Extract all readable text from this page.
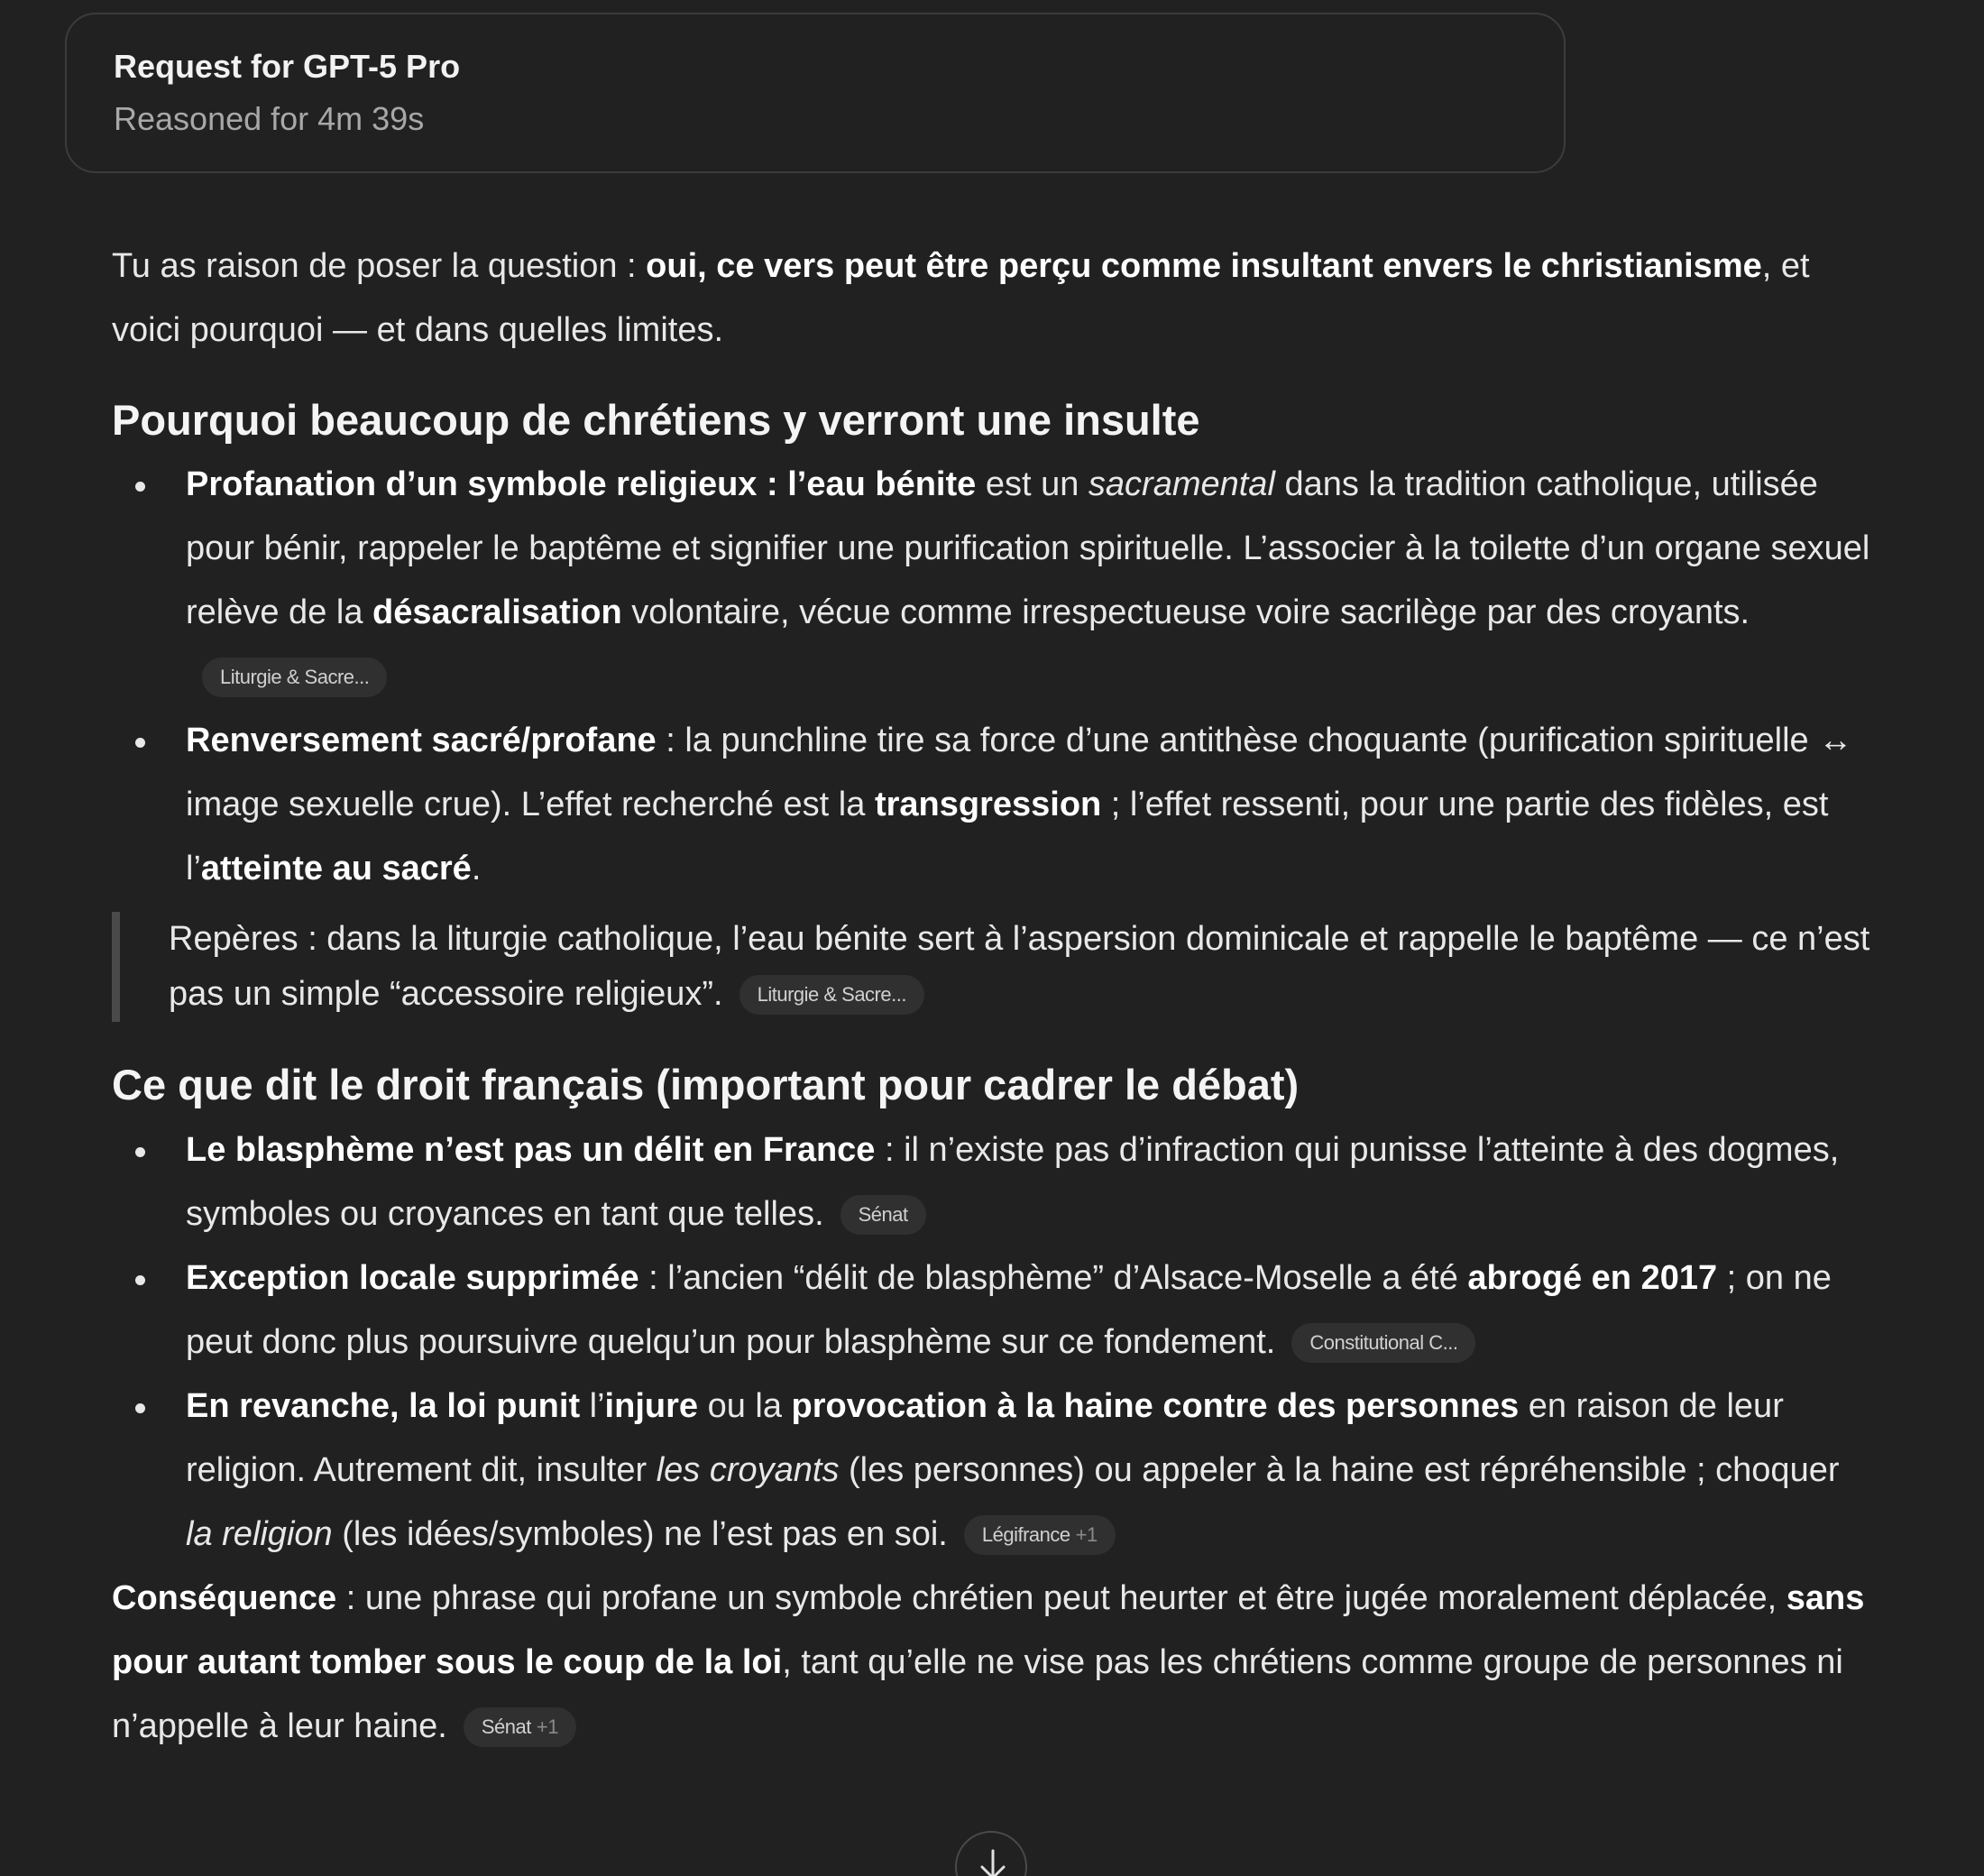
Request for GPT-5 Pro
Reasoned for 4m 39s

Tu as raison de poser la question : oui, ce vers peut être perçu comme insultant envers le christianisme, et voici pourquoi — et dans quelles limites.

Pourquoi beaucoup de chrétiens y verront une insulte
Profanation d’un symbole religieux : l’eau bénite est un sacramental dans la tradition catholique, utilisée pour bénir, rappeler le baptême et signifier une purification spirituelle. L’associer à la toilette d’un organe sexuel relève de la désacralisation volontaire, vécue comme irrespectueuse voire sacrilège par des croyants.Liturgie & Sacre...
Renversement sacré/profane : la punchline tire sa force d’une antithèse choquante (purification spirituelle ↔ image sexuelle crue). L’effet recherché est la transgression ; l’effet ressenti, pour une partie des fidèles, est l’atteinte au sacré.
Repères : dans la liturgie catholique, l’eau bénite sert à l’aspersion dominicale et rappelle le baptême — ce n’est pas un simple “accessoire religieux”. Liturgie & Sacre...
Ce que dit le droit français (important pour cadrer le débat)
Le blasphème n’est pas un délit en France : il n’existe pas d’infraction qui punisse l’atteinte à des dogmes, symboles ou croyances en tant que telles. Sénat
Exception locale supprimée : l’ancien “délit de blasphème” d’Alsace-Moselle a été abrogé en 2017 ; on ne peut donc plus poursuivre quelqu’un pour blasphème sur ce fondement. Constitutional C...
En revanche, la loi punit l’injure ou la provocation à la haine contre des personnes en raison de leur religion. Autrement dit, insulter les croyants (les personnes) ou appeler à la haine est répréhensible ; choquer la religion (les idées/symboles) ne l’est pas en soi. Légifrance +1

Conséquence : une phrase qui profane un symbole chrétien peut heurter et être jugée moralement déplacée, sans pour autant tomber sous le coup de la loi, tant qu’elle ne vise pas les chrétiens comme groupe de personnes ni n’appelle à leur haine. Sénat +1
